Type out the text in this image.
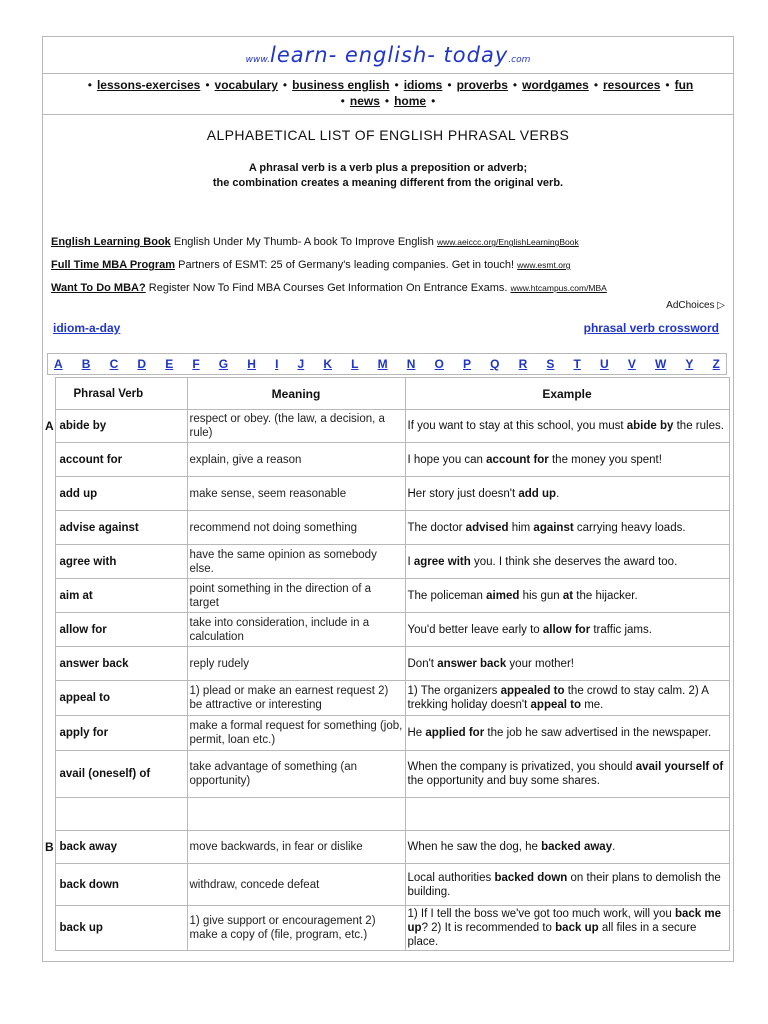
www.learn- english- today.com
• lessons-exercises • vocabulary • business english • idioms • proverbs • wordgames • resources • fun
• news • home •
ALPHABETICAL LIST OF ENGLISH PHRASAL VERBS
A phrasal verb is a verb plus a preposition or adverb;
the combination creates a meaning different from the original verb.
English Learning Book English Under My Thumb- A book To Improve English www.aeiccc.org/EnglishLearningBook
Full Time MBA Program Partners of ESMT: 25 of Germany's leading companies. Get in touch! www.esmt.org
Want To Do MBA? Register Now To Find MBA Courses Get Information On Entrance Exams. www.htcampus.com/MBA
AdChoices ▷
idiom-a-day	phrasal verb crossword
A B C D E F G H I J K L M N O P Q R S T U V W Y Z
	Phrasal Verb	Meaning	Example
A	abide by	respect or obey. (the law, a decision, a rule)	If you want to stay at this school, you must abide by the rules.
	account for	explain, give a reason	I hope you can account for the money you spent!
	add up	make sense, seem reasonable	Her story just doesn't add up.
	advise against	recommend not doing something	The doctor advised him against carrying heavy loads.
	agree with	have the same opinion as somebody else.	I agree with you. I think she deserves the award too.
	aim at	point something in the direction of a target	The policeman aimed his gun at the hijacker.
	allow for	take into consideration, include in a calculation	You'd better leave early to allow for traffic jams.
	answer back	reply rudely	Don't answer back your mother!
	appeal to	1) plead or make an earnest request 2) be attractive or interesting	1) The organizers appealed to the crowd to stay calm. 2) A trekking holiday doesn't appeal to me.
	apply for	make a formal request for something (job, permit, loan etc.)	He applied for the job he saw advertised in the newspaper.
	avail (oneself) of	take advantage of something (an opportunity)	When the company is privatized, you should avail yourself of the opportunity and buy some shares.

B	back away	move backwards, in fear or dislike	When he saw the dog, he backed away.
	back down	withdraw, concede defeat	Local authorities backed down on their plans to demolish the building.
	back up	1) give support or encouragement 2) make a copy of (file, program, etc.)	1) If I tell the boss we've got too much work, will you back me up? 2) It is recommended to back up all files in a secure place.
